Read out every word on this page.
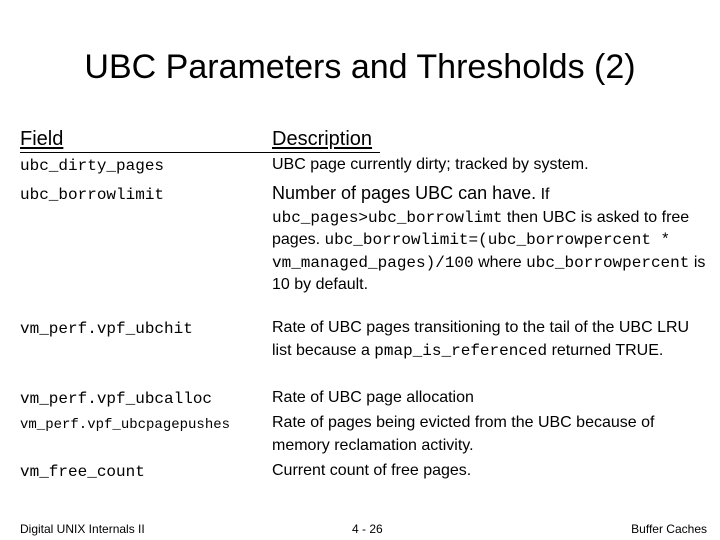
UBC Parameters and Thresholds (2)
Field	Description
ubc_dirty_pages	UBC page currently dirty; tracked by system.
ubc_borrowlimit	Number of pages UBC can have. If ubc_pages>ubc_borrowlimt then UBC is asked to free pages. ubc_borrowlimit=(ubc_borrowpercent * vm_managed_pages)/100 where ubc_borrowpercent is 10 by default.
vm_perf.vpf_ubchit	Rate of UBC pages transitioning to the tail of the UBC LRU list because a pmap_is_referenced returned TRUE.
vm_perf.vpf_ubcalloc	Rate of UBC page allocation
vm_perf.vpf_ubcpagepushes	Rate of pages being evicted from the UBC because of memory reclamation activity.
vm_free_count	Current count of free pages.
Digital UNIX Internals II	4 - 26	Buffer Caches
